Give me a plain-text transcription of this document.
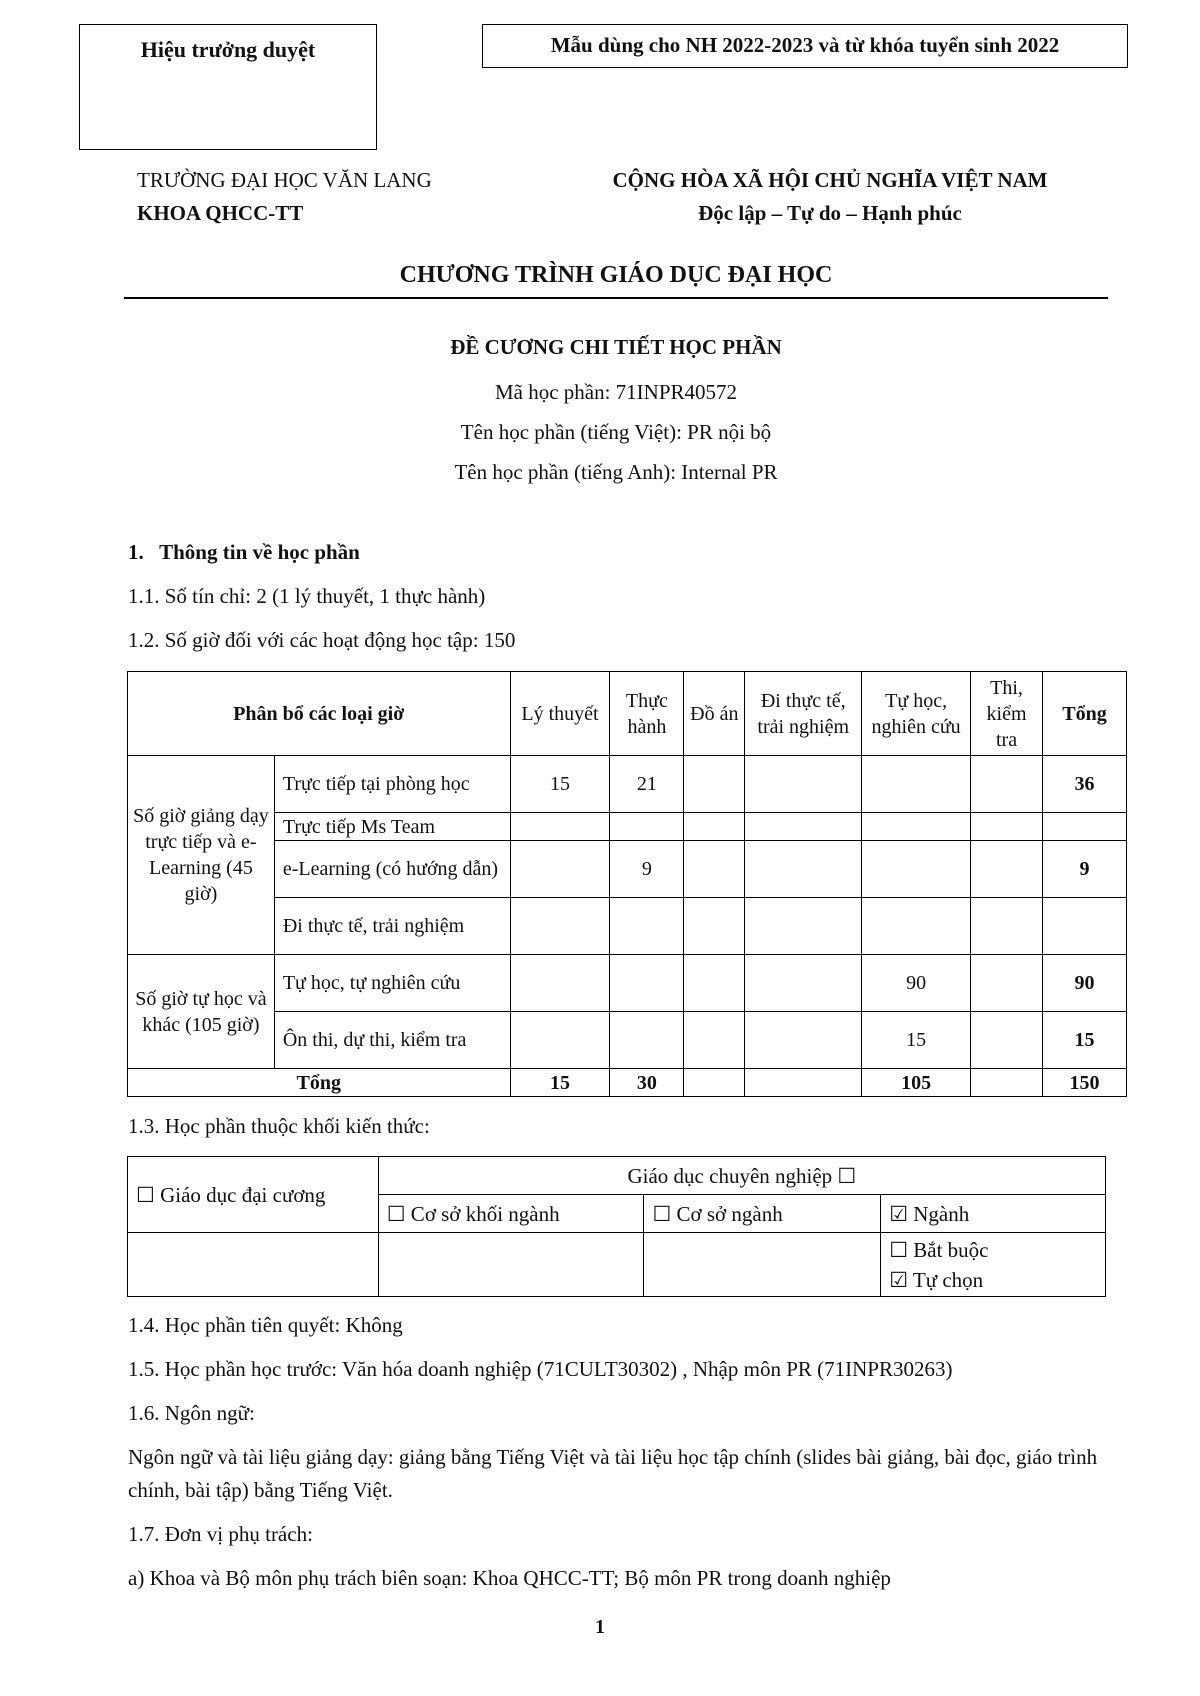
Hiệu trưởng duyệt	Mẫu dùng cho NH 2022-2023 và từ khóa tuyển sinh 2022
TRƯỜNG ĐẠI HỌC VĂN LANG
KHOA QHCC-TT
CỘNG HÒA XÃ HỘI CHỦ NGHĨA VIỆT NAM
Độc lập – Tự do – Hạnh phúc
CHƯƠNG TRÌNH GIÁO DỤC ĐẠI HỌC
ĐỀ CƯƠNG CHI TIẾT HỌC PHẦN
Mã học phần: 71INPR40572
Tên học phần (tiếng Việt): PR nội bộ
Tên học phần (tiếng Anh): Internal PR
1. Thông tin về học phần
1.1. Số tín chỉ: 2 (1 lý thuyết, 1 thực hành)
1.2. Số giờ đối với các hoạt động học tập: 150
Phân bổ các loại giờ		Lý thuyết	Thực hành	Đồ án	Đi thực tế, trải nghiệm	Tự học, nghiên cứu	Thi, kiểm tra	Tổng
Số giờ giảng dạy trực tiếp và e-Learning (45 giờ)	Trực tiếp tại phòng học	15	21					36
	Trực tiếp Ms Team							
	e-Learning (có hướng dẫn)		9					9
	Đi thực tế, trải nghiệm							
Số giờ tự học và khác (105 giờ)	Tự học, tự nghiên cứu					90		90
	Ôn thi, dự thi, kiểm tra					15		15
Tổng		15	30			105		150
1.3. Học phần thuộc khối kiến thức:
☐ Giáo dục đại cương	Giáo dục chuyên nghiệp ☐		
	☐ Cơ sở khối ngành	☐ Cơ sở ngành	☑ Ngành

			☐ Bắt buộc
☑ Tự chọn
1.4. Học phần tiên quyết: Không
1.5. Học phần học trước: Văn hóa doanh nghiệp (71CULT30302) , Nhập môn PR (71INPR30263)
1.6. Ngôn ngữ:
Ngôn ngữ và tài liệu giảng dạy: giảng bằng Tiếng Việt và tài liệu học tập chính (slides bài giảng, bài đọc, giáo trình chính, bài tập) bằng Tiếng Việt.
1.7. Đơn vị phụ trách:
a) Khoa và Bộ môn phụ trách biên soạn: Khoa QHCC-TT; Bộ môn PR trong doanh nghiệp
1
